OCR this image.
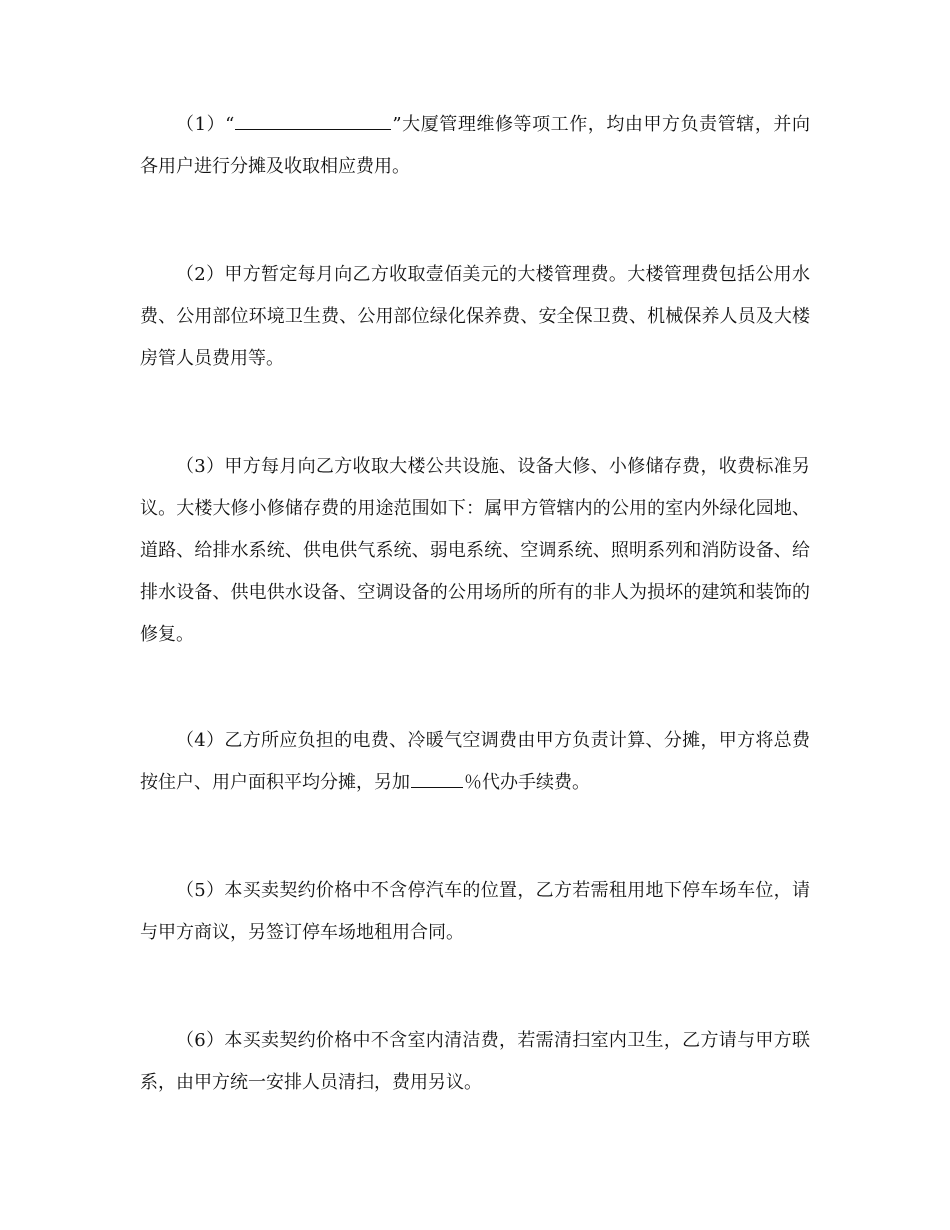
（1）“	”大厦管理维修等项工作，均由甲方负责管辖，并向各用户进行分摊及收取相应费用。

（2）甲方暂定每月向乙方收取壹佰美元的大楼管理费。大楼管理费包括公用水费、公用部位环境卫生费、公用部位绿化保养费、安全保卫费、机械保养人员及大楼房管人员费用等。

（3）甲方每月向乙方收取大楼公共设施、设备大修、小修储存费，收费标准另议。大楼大修小修储存费的用途范围如下：属甲方管辖内的公用的室内外绿化园地、道路、给排水系统、供电供气系统、弱电系统、空调系统、照明系列和消防设备、给排水设备、供电供水设备、空调设备的公用场所的所有的非人为损坏的建筑和装饰的修复。

（4）乙方所应负担的电费、冷暖气空调费由甲方负责计算、分摊，甲方将总费按住户、用户面积平均分摊，另加	％代办手续费。

（5）本买卖契约价格中不含停汽车的位置，乙方若需租用地下停车场车位，请与甲方商议，另签订停车场地租用合同。

（6）本买卖契约价格中不含室内清洁费，若需清扫室内卫生，乙方请与甲方联系，由甲方统一安排人员清扫，费用另议。
